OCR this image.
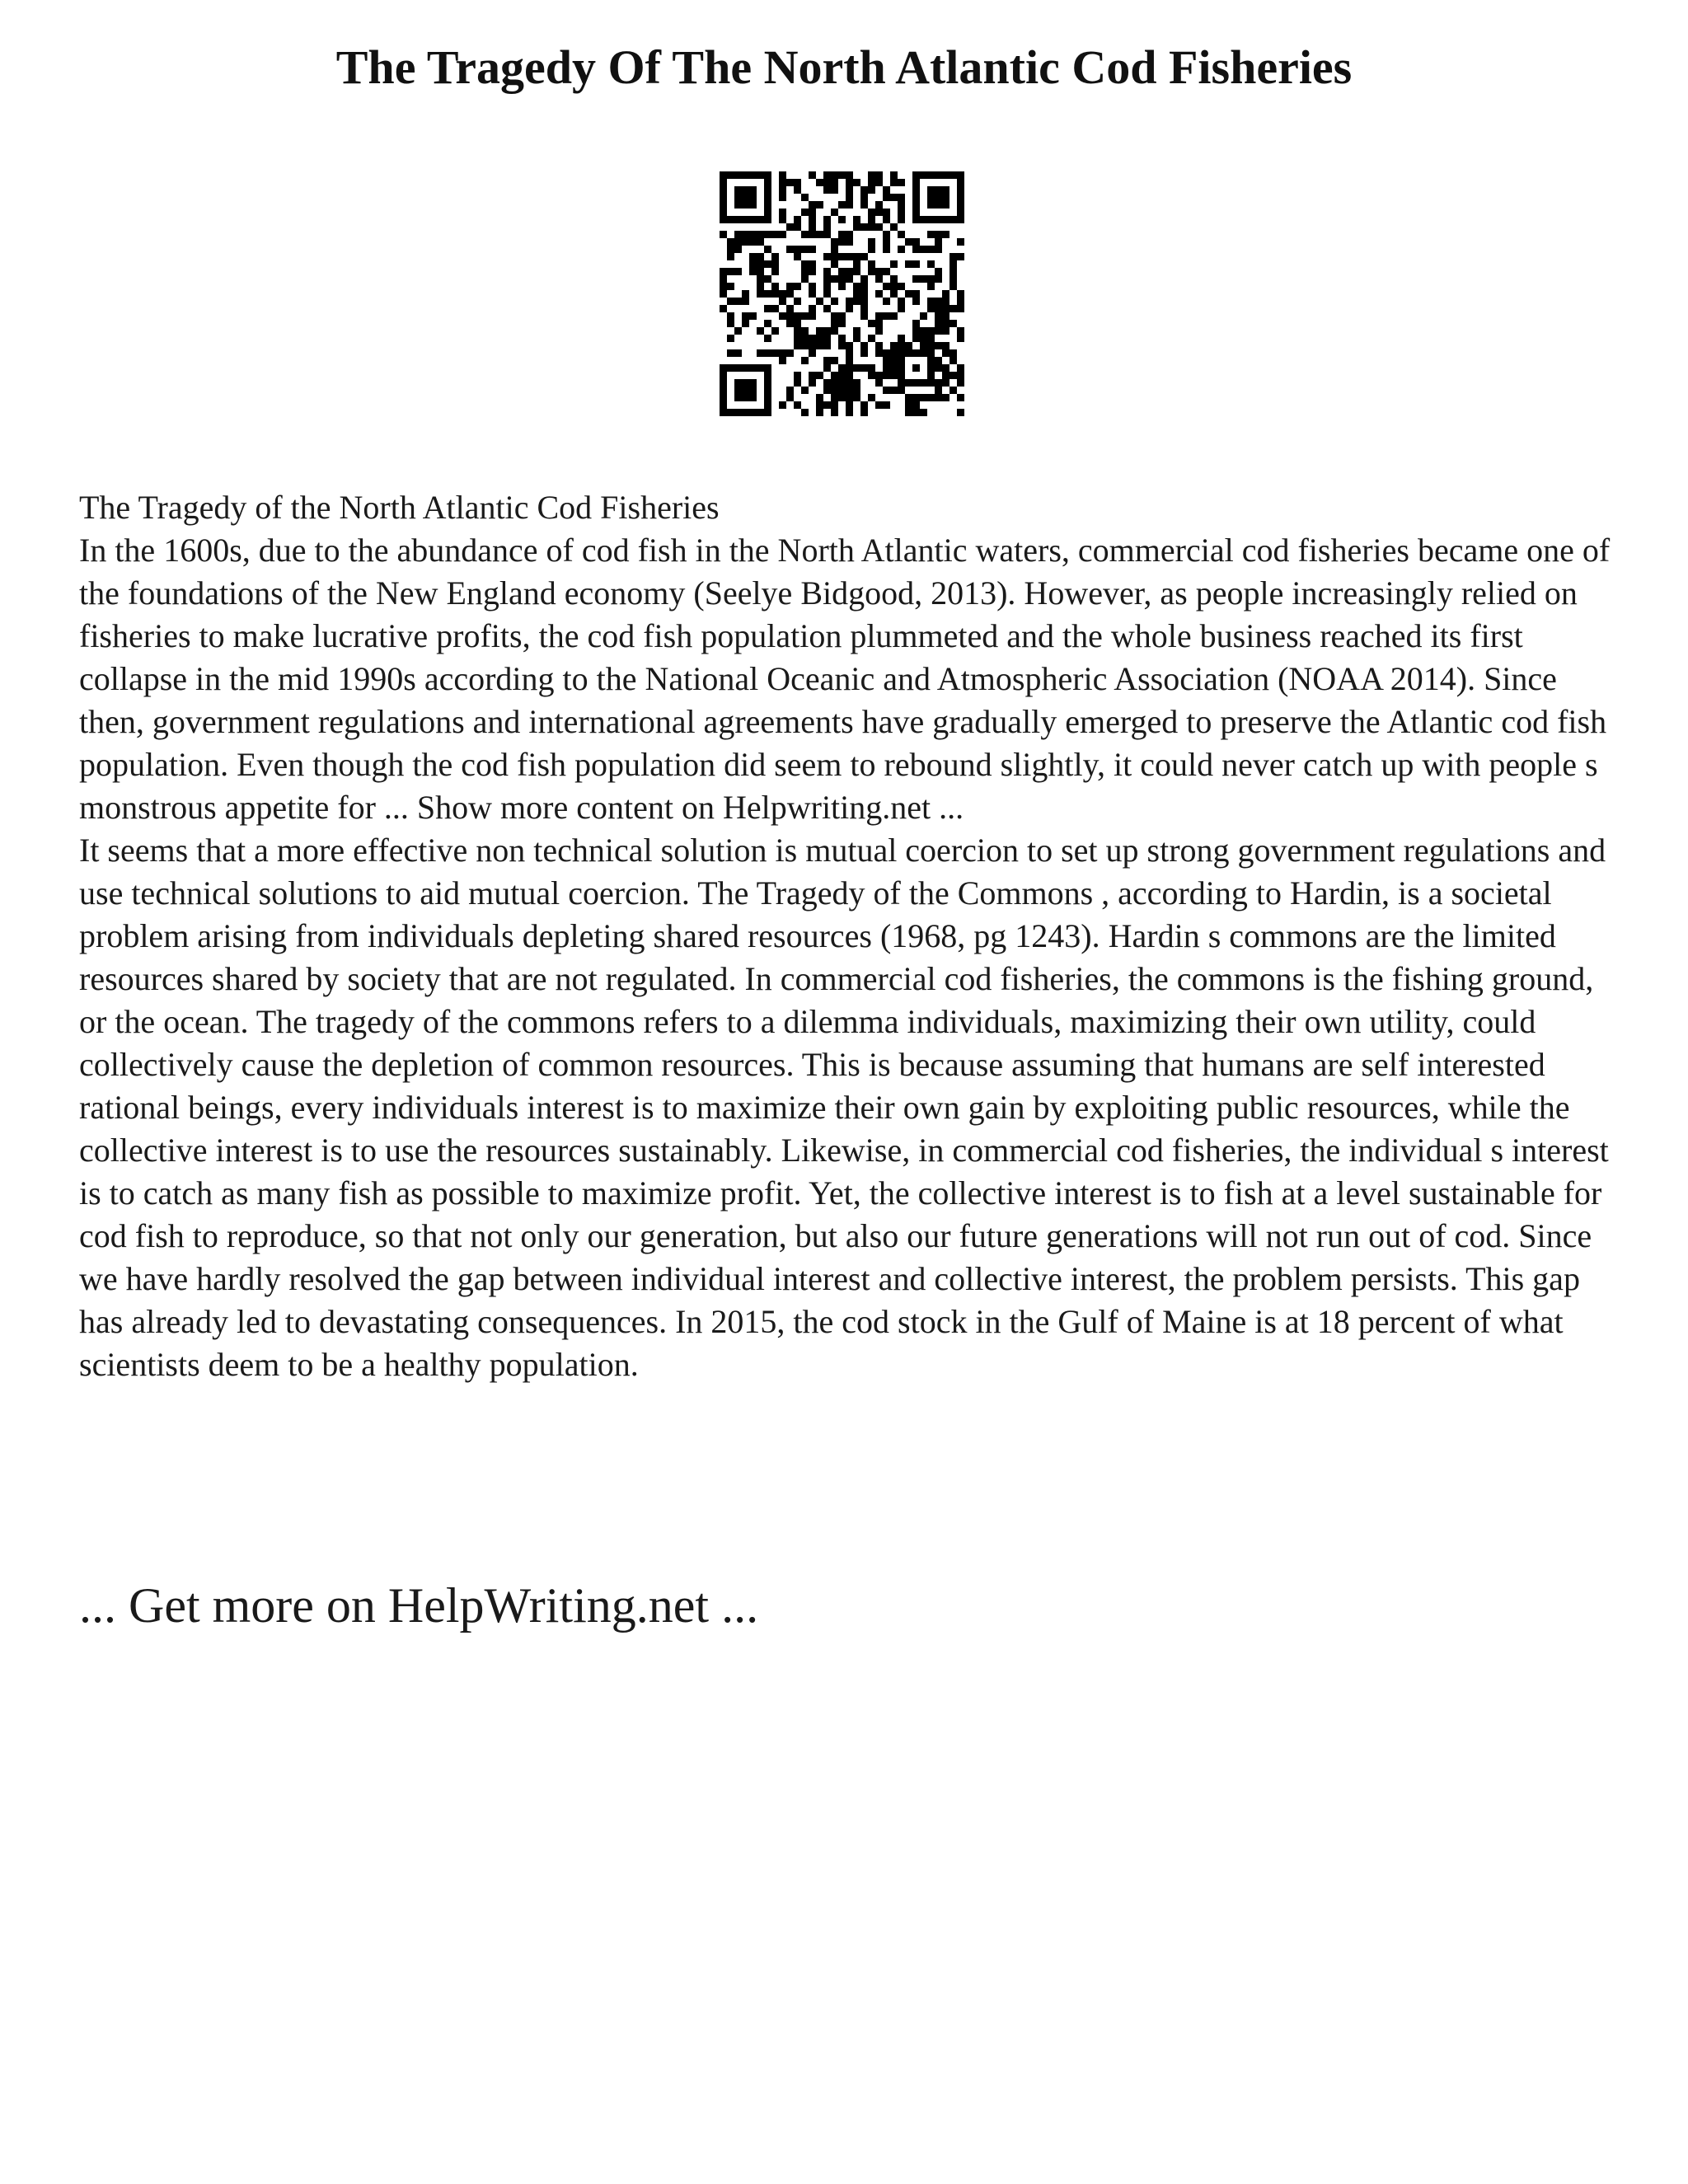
The Tragedy Of The North Atlantic Cod Fisheries

The Tragedy of the North Atlantic Cod Fisheries

In the 1600s, due to the abundance of cod fish in the North Atlantic waters, commercial cod fisheries became one of the foundations of the New England economy (Seelye Bidgood, 2013). However, as people increasingly relied on fisheries to make lucrative profits, the cod fish population plummeted and the whole business reached its first collapse in the mid 1990s according to the National Oceanic and Atmospheric Association (NOAA 2014). Since then, government regulations and international agreements have gradually emerged to preserve the Atlantic cod fish population. Even though the cod fish population did seem to rebound slightly, it could never catch up with people s monstrous appetite for ... Show more content on Helpwriting.net ...

It seems that a more effective non technical solution is mutual coercion to set up strong government regulations and use technical solutions to aid mutual coercion. The Tragedy of the Commons , according to Hardin, is a societal problem arising from individuals depleting shared resources (1968, pg 1243). Hardin s commons are the limited resources shared by society that are not regulated. In commercial cod fisheries, the commons is the fishing ground, or the ocean. The tragedy of the commons refers to a dilemma individuals, maximizing their own utility, could collectively cause the depletion of common resources. This is because assuming that humans are self interested rational beings, every individuals interest is to maximize their own gain by exploiting public resources, while the collective interest is to use the resources sustainably. Likewise, in commercial cod fisheries, the individual s interest is to catch as many fish as possible to maximize profit. Yet, the collective interest is to fish at a level sustainable for cod fish to reproduce, so that not only our generation, but also our future generations will not run out of cod. Since we have hardly resolved the gap between individual interest and collective interest, the problem persists. This gap has already led to devastating consequences. In 2015, the cod stock in the Gulf of Maine is at 18 percent of what scientists deem to be a healthy population.

... Get more on HelpWriting.net ...
